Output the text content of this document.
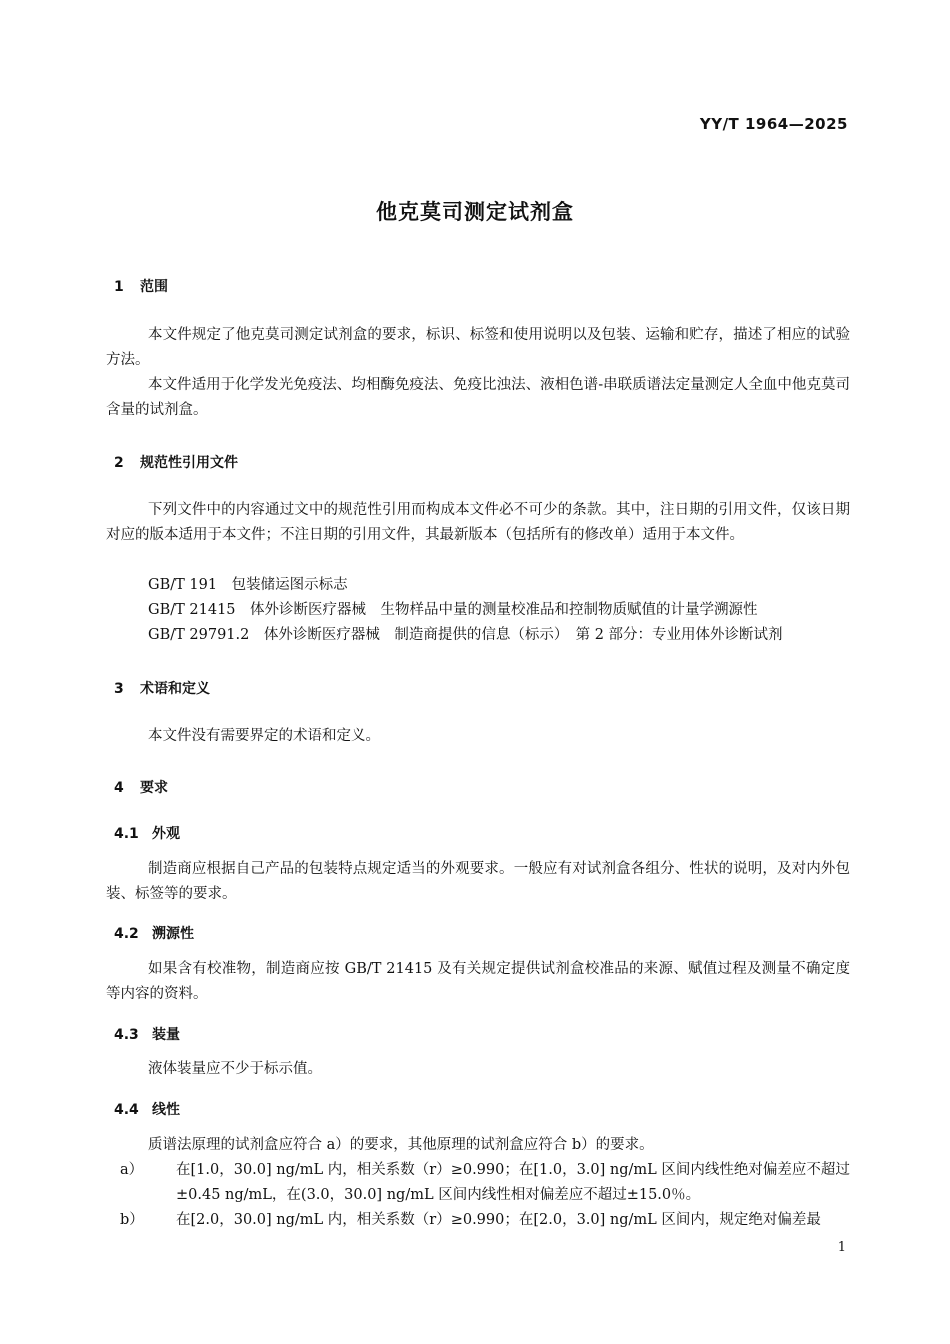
YY/T 1964—2025
他克莫司测定试剂盒
1 范围
本文件规定了他克莫司测定试剂盒的要求，标识、标签和使用说明以及包装、运输和贮存，描述了相应的试验方法。
本文件适用于化学发光免疫法、均相酶免疫法、免疫比浊法、液相色谱-串联质谱法定量测定人全血中他克莫司含量的试剂盒。
2 规范性引用文件
下列文件中的内容通过文中的规范性引用而构成本文件必不可少的条款。其中，注日期的引用文件，仅该日期对应的版本适用于本文件；不注日期的引用文件，其最新版本（包括所有的修改单）适用于本文件。
GB/T 191　包装储运图示标志
GB/T 21415　体外诊断医疗器械　生物样品中量的测量校准品和控制物质赋值的计量学溯源性
GB/T 29791.2　体外诊断医疗器械　制造商提供的信息（标示）　第 2 部分：专业用体外诊断试剂
3 术语和定义
本文件没有需要界定的术语和定义。
4 要求
4.1 外观
制造商应根据自己产品的包装特点规定适当的外观要求。一般应有对试剂盒各组分、性状的说明，及对内外包装、标签等的要求。
4.2 溯源性
如果含有校准物，制造商应按 GB/T 21415 及有关规定提供试剂盒校准品的来源、赋值过程及测量不确定度等内容的资料。
4.3 装量
液体装量应不少于标示值。
4.4 线性
质谱法原理的试剂盒应符合 a）的要求，其他原理的试剂盒应符合 b）的要求。
a） 在[1.0，30.0] ng/mL 内，相关系数（r）≥0.990；在[1.0，3.0] ng/mL 区间内线性绝对偏差应不超过±0.45 ng/mL，在(3.0，30.0] ng/mL 区间内线性相对偏差应不超过±15.0％。
b） 在[2.0，30.0] ng/mL 内，相关系数（r）≥0.990；在[2.0，3.0] ng/mL 区间内，规定绝对偏差最
1
